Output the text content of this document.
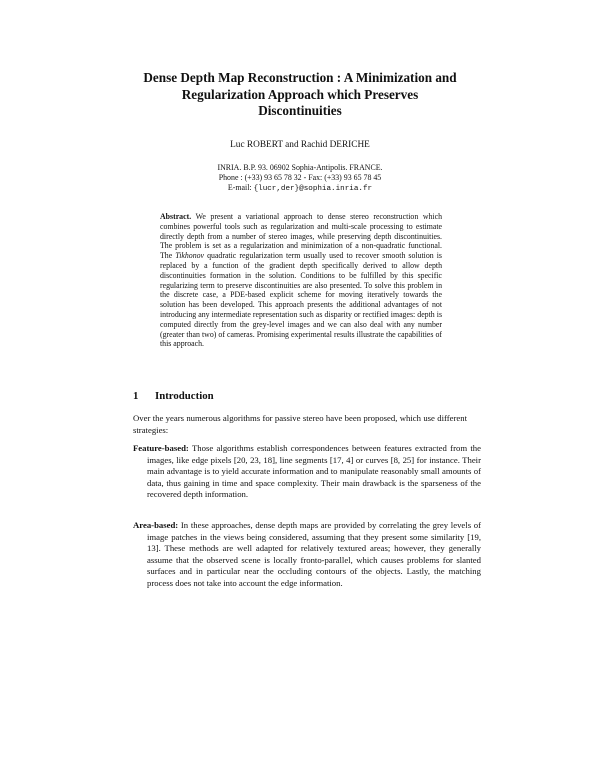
Dense Depth Map Reconstruction : A Minimization and
Regularization Approach which Preserves
Discontinuities
Luc ROBERT and Rachid DERICHE
INRIA. B.P. 93. 06902 Sophia-Antipolis. FRANCE.
Phone : (+33) 93 65 78 32 - Fax: (+33) 93 65 78 45
E-mail: {lucr,der}@sophia.inria.fr
Abstract. We present a variational approach to dense stereo reconstruction which combines powerful tools such as regularization and multi-scale processing to estimate directly depth from a number of stereo images, while preserving depth discontinuities. The problem is set as a regularization and minimization of a non-quadratic functional. The Tikhonov quadratic regularization term usually used to recover smooth solution is replaced by a function of the gradient depth specifically derived to allow depth discontinuities formation in the solution. Conditions to be fulfilled by this specific regularizing term to preserve discontinuities are also presented. To solve this problem in the discrete case, a PDE-based explicit scheme for moving iteratively towards the solution has been developed. This approach presents the additional advantages of not introducing any intermediate representation such as disparity or rectified images: depth is computed directly from the grey-level images and we can also deal with any number (greater than two) of cameras. Promising experimental results illustrate the capabilities of this approach.
1 Introduction
Over the years numerous algorithms for passive stereo have been proposed, which use different strategies:
Feature-based: Those algorithms establish correspondences between features extracted from the images, like edge pixels [20, 23, 18], line segments [17, 4] or curves [8, 25] for instance. Their main advantage is to yield accurate information and to manipulate reasonably small amounts of data, thus gaining in time and space complexity. Their main drawback is the sparseness of the recovered depth information.
Area-based: In these approaches, dense depth maps are provided by correlating the grey levels of image patches in the views being considered, assuming that they present some similarity [19, 13]. These methods are well adapted for relatively textured areas; however, they generally assume that the observed scene is locally fronto-parallel, which causes problems for slanted surfaces and in particular near the occluding contours of the objects. Lastly, the matching process does not take into account the edge information.
